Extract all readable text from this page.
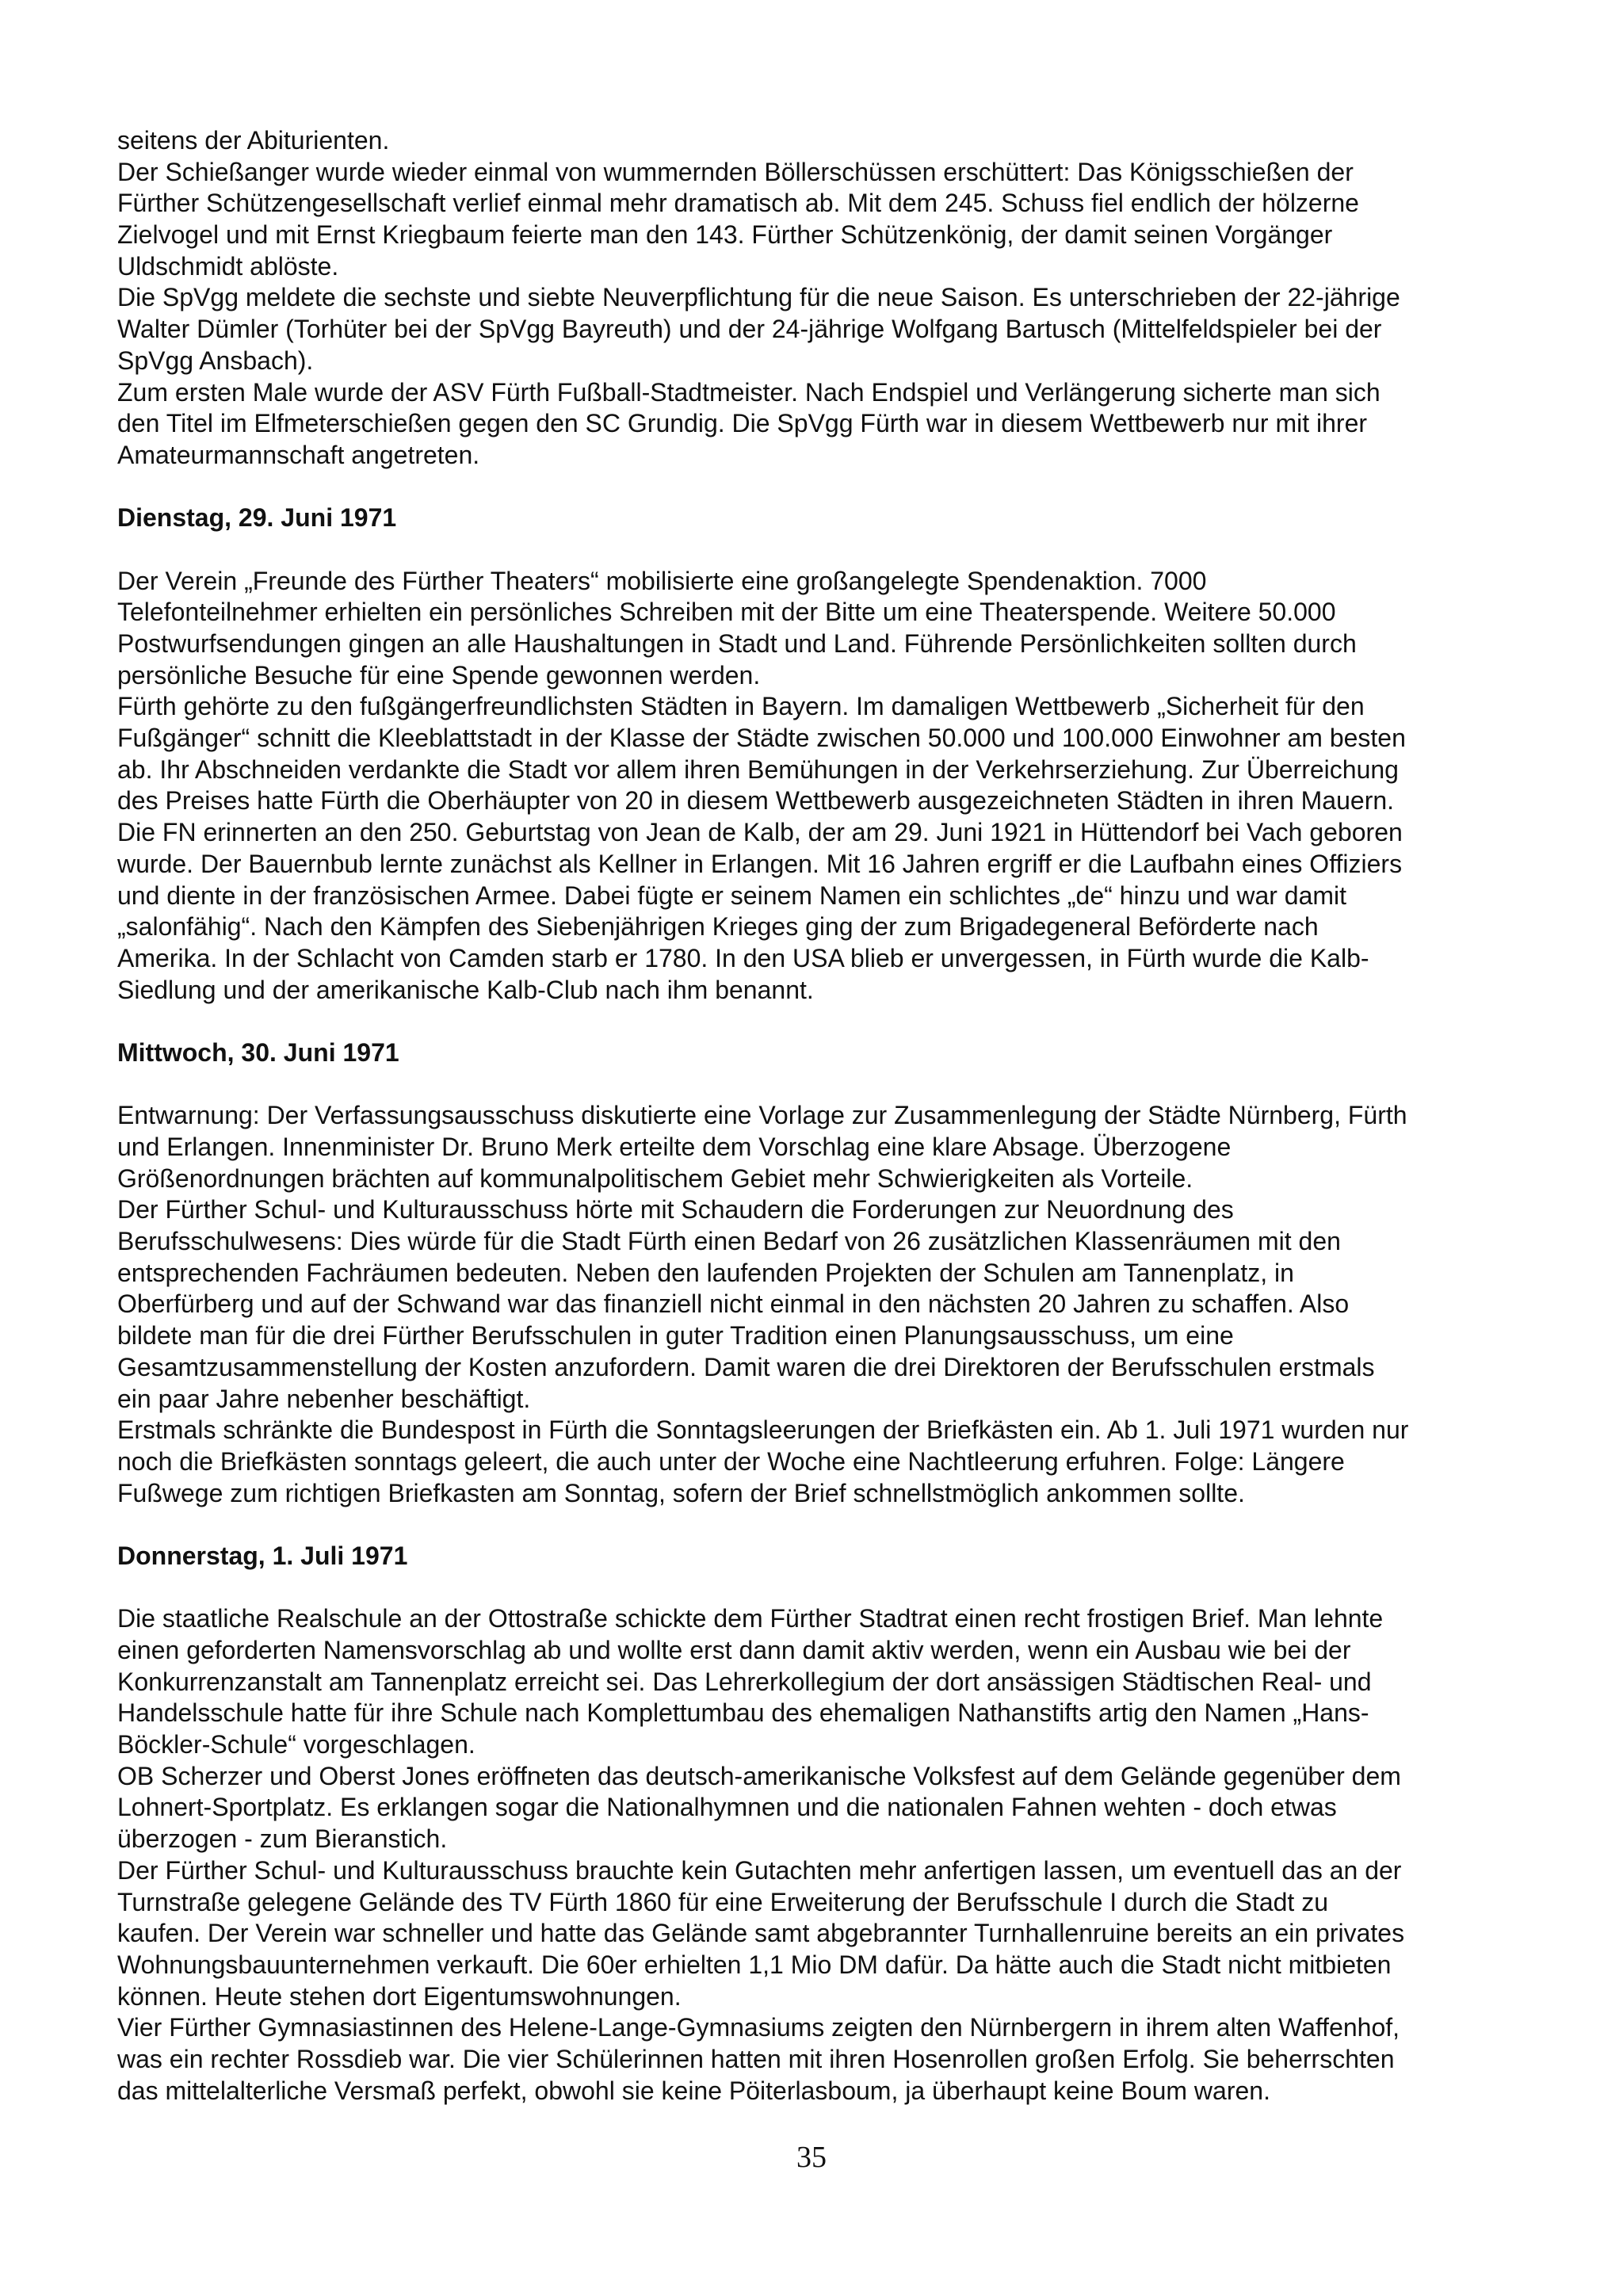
seitens der Abiturienten.
Der Schießanger wurde wieder einmal von wummernden Böllerschüssen erschüttert: Das Königsschießen der
Fürther Schützengesellschaft verlief einmal mehr dramatisch ab. Mit dem 245. Schuss fiel endlich der hölzerne
Zielvogel und mit Ernst Kriegbaum feierte man den 143. Fürther Schützenkönig, der damit seinen Vorgänger
Uldschmidt ablöste.
Die SpVgg meldete die sechste und siebte Neuverpflichtung für die neue Saison. Es unterschrieben der 22-jährige
Walter Dümler (Torhüter bei der SpVgg Bayreuth) und der 24-jährige Wolfgang Bartusch (Mittelfeldspieler bei der
SpVgg Ansbach).
Zum ersten Male wurde der ASV Fürth Fußball-Stadtmeister. Nach Endspiel und Verlängerung sicherte man sich
den Titel im Elfmeterschießen gegen den SC Grundig. Die SpVgg Fürth war in diesem Wettbewerb nur mit ihrer
Amateurmannschaft angetreten.
Dienstag, 29. Juni 1971
Der Verein „Freunde des Fürther Theaters“ mobilisierte eine großangelegte Spendenaktion. 7000
Telefonteilnehmer erhielten ein persönliches Schreiben mit der Bitte um eine Theaterspende. Weitere 50.000
Postwurfsendungen gingen an alle Haushaltungen in Stadt und Land. Führende Persönlichkeiten sollten durch
persönliche Besuche für eine Spende gewonnen werden.
Fürth gehörte zu den fußgängerfreundlichsten Städten in Bayern. Im damaligen Wettbewerb „Sicherheit für den
Fußgänger“ schnitt die Kleeblattstadt in der Klasse der Städte zwischen 50.000 und 100.000 Einwohner am besten
ab. Ihr Abschneiden verdankte die Stadt vor allem ihren Bemühungen in der Verkehrserziehung. Zur Überreichung
des Preises hatte Fürth die Oberhäupter von 20 in diesem Wettbewerb ausgezeichneten Städten in ihren Mauern.
Die FN erinnerten an den 250. Geburtstag von Jean de Kalb, der am 29. Juni 1921 in Hüttendorf bei Vach geboren
wurde. Der Bauernbub lernte zunächst als Kellner in Erlangen. Mit 16 Jahren ergriff er die Laufbahn eines Offiziers
und diente in der französischen Armee. Dabei fügte er seinem Namen ein schlichtes „de“ hinzu und war damit
„salonfähig“. Nach den Kämpfen des Siebenjährigen Krieges ging der zum Brigadegeneral Beförderte nach
Amerika. In der Schlacht von Camden starb er 1780. In den USA blieb er unvergessen, in Fürth wurde die Kalb-
Siedlung und der amerikanische Kalb-Club nach ihm benannt.
Mittwoch, 30. Juni 1971
Entwarnung: Der Verfassungsausschuss diskutierte eine Vorlage zur Zusammenlegung der Städte Nürnberg, Fürth
und Erlangen. Innenminister Dr. Bruno Merk erteilte dem Vorschlag eine klare Absage. Überzogene
Größenordnungen brächten auf kommunalpolitischem Gebiet mehr Schwierigkeiten als Vorteile.
Der Fürther Schul- und Kulturausschuss hörte mit Schaudern die Forderungen zur Neuordnung des
Berufsschulwesens: Dies würde für die Stadt Fürth einen Bedarf von 26 zusätzlichen Klassenräumen mit den
entsprechenden Fachräumen bedeuten. Neben den laufenden Projekten der Schulen am Tannenplatz, in
Oberfürberg und auf der Schwand war das finanziell nicht einmal in den nächsten 20 Jahren zu schaffen. Also
bildete man für die drei Fürther Berufsschulen in guter Tradition einen Planungsausschuss, um eine
Gesamtzusammenstellung der Kosten anzufordern. Damit waren die drei Direktoren der Berufsschulen erstmals
ein paar Jahre nebenher beschäftigt.
Erstmals schränkte die Bundespost in Fürth die Sonntagsleerungen der Briefkästen ein. Ab 1. Juli 1971 wurden nur
noch die Briefkästen sonntags geleert, die auch unter der Woche eine Nachtleerung erfuhren. Folge: Längere
Fußwege zum richtigen Briefkasten am Sonntag, sofern der Brief schnellstmöglich ankommen sollte.
Donnerstag, 1. Juli 1971
Die staatliche Realschule an der Ottostraße schickte dem Fürther Stadtrat einen recht frostigen Brief. Man lehnte
einen geforderten Namensvorschlag ab und wollte erst dann damit aktiv werden, wenn ein Ausbau wie bei der
Konkurrenzanstalt am Tannenplatz erreicht sei. Das Lehrerkollegium der dort ansässigen Städtischen Real- und
Handelsschule hatte für ihre Schule nach Komplettumbau des ehemaligen Nathanstifts artig den Namen „Hans-
Böckler-Schule“ vorgeschlagen.
OB Scherzer und Oberst Jones eröffneten das deutsch-amerikanische Volksfest auf dem Gelände gegenüber dem
Lohnert-Sportplatz. Es erklangen sogar die Nationalhymnen und die nationalen Fahnen wehten - doch etwas
überzogen - zum Bieranstich.
Der Fürther Schul- und Kulturausschuss brauchte kein Gutachten mehr anfertigen lassen, um eventuell das an der
Turnstraße gelegene Gelände des TV Fürth 1860 für eine Erweiterung der Berufsschule I durch die Stadt zu
kaufen. Der Verein war schneller und hatte das Gelände samt abgebrannter Turnhallenruine bereits an ein privates
Wohnungsbauunternehmen verkauft. Die 60er erhielten 1,1 Mio DM dafür. Da hätte auch die Stadt nicht mitbieten
können. Heute stehen dort Eigentumswohnungen.
Vier Fürther Gymnasiastinnen des Helene-Lange-Gymnasiums zeigten den Nürnbergern in ihrem alten Waffenhof,
was ein rechter Rossdieb war. Die vier Schülerinnen hatten mit ihren Hosenrollen großen Erfolg. Sie beherrschten
das mittelalterliche Versmaß perfekt, obwohl sie keine Pöiterlasboum, ja überhaupt keine Boum waren.
35
